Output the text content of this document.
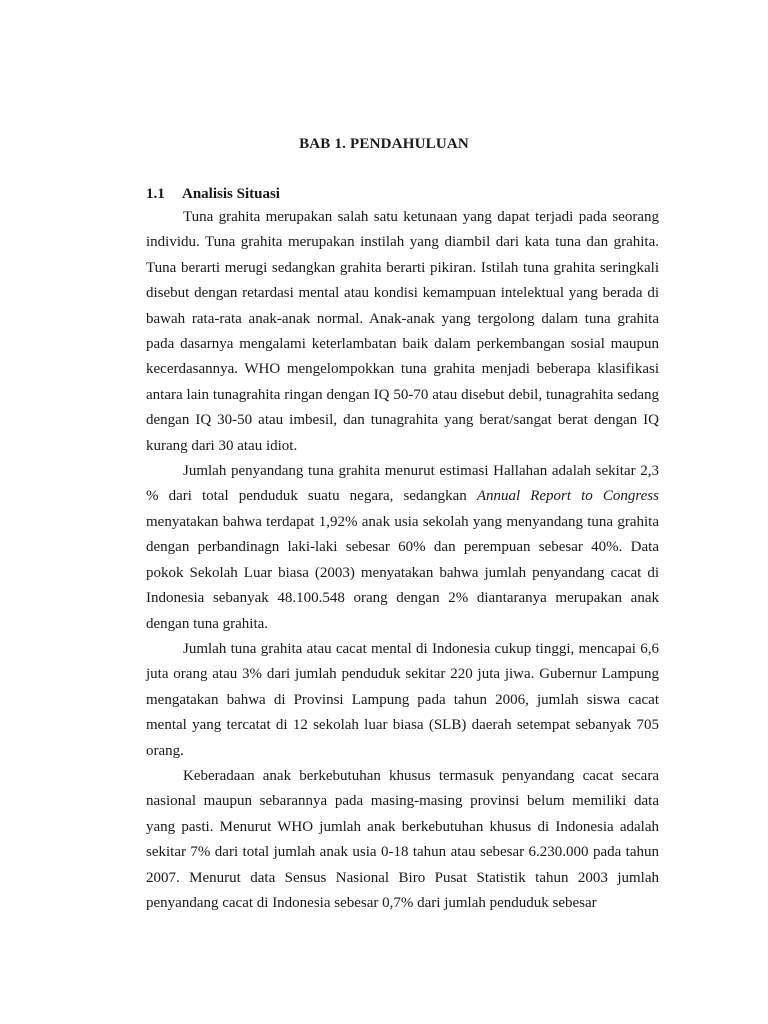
BAB 1. PENDAHULUAN
1.1 Analisis Situasi

Tuna grahita merupakan salah satu ketunaan yang dapat terjadi pada seorang individu. Tuna grahita merupakan instilah yang diambil dari kata tuna dan grahita. Tuna berarti merugi sedangkan grahita berarti pikiran. Istilah tuna grahita seringkali disebut dengan retardasi mental atau kondisi kemampuan intelektual yang berada di bawah rata-rata anak-anak normal. Anak-anak yang tergolong dalam tuna grahita pada dasarnya mengalami keterlambatan baik dalam perkembangan sosial maupun kecerdasannya. WHO mengelompokkan tuna grahita menjadi beberapa klasifikasi antara lain tunagrahita ringan dengan IQ 50-70 atau disebut debil, tunagrahita sedang dengan IQ 30-50 atau imbesil, dan tunagrahita yang berat/sangat berat dengan IQ kurang dari 30 atau idiot.

Jumlah penyandang tuna grahita menurut estimasi Hallahan adalah sekitar 2,3 % dari total penduduk suatu negara, sedangkan Annual Report to Congress menyatakan bahwa terdapat 1,92% anak usia sekolah yang menyandang tuna grahita dengan perbandinagn laki-laki sebesar 60% dan perempuan sebesar 40%. Data pokok Sekolah Luar biasa (2003) menyatakan bahwa jumlah penyandang cacat di Indonesia sebanyak 48.100.548 orang dengan 2% diantaranya merupakan anak dengan tuna grahita.

Jumlah tuna grahita atau cacat mental di Indonesia cukup tinggi, mencapai 6,6 juta orang atau 3% dari jumlah penduduk sekitar 220 juta jiwa. Gubernur Lampung mengatakan bahwa di Provinsi Lampung pada tahun 2006, jumlah siswa cacat mental yang tercatat di 12 sekolah luar biasa (SLB) daerah setempat sebanyak 705 orang.

Keberadaan anak berkebutuhan khusus termasuk penyandang cacat secara nasional maupun sebarannya pada masing-masing provinsi belum memiliki data yang pasti. Menurut WHO jumlah anak berkebutuhan khusus di Indonesia adalah sekitar 7% dari total jumlah anak usia 0-18 tahun atau sebesar 6.230.000 pada tahun 2007. Menurut data Sensus Nasional Biro Pusat Statistik tahun 2003 jumlah penyandang cacat di Indonesia sebesar 0,7% dari jumlah penduduk sebesar
